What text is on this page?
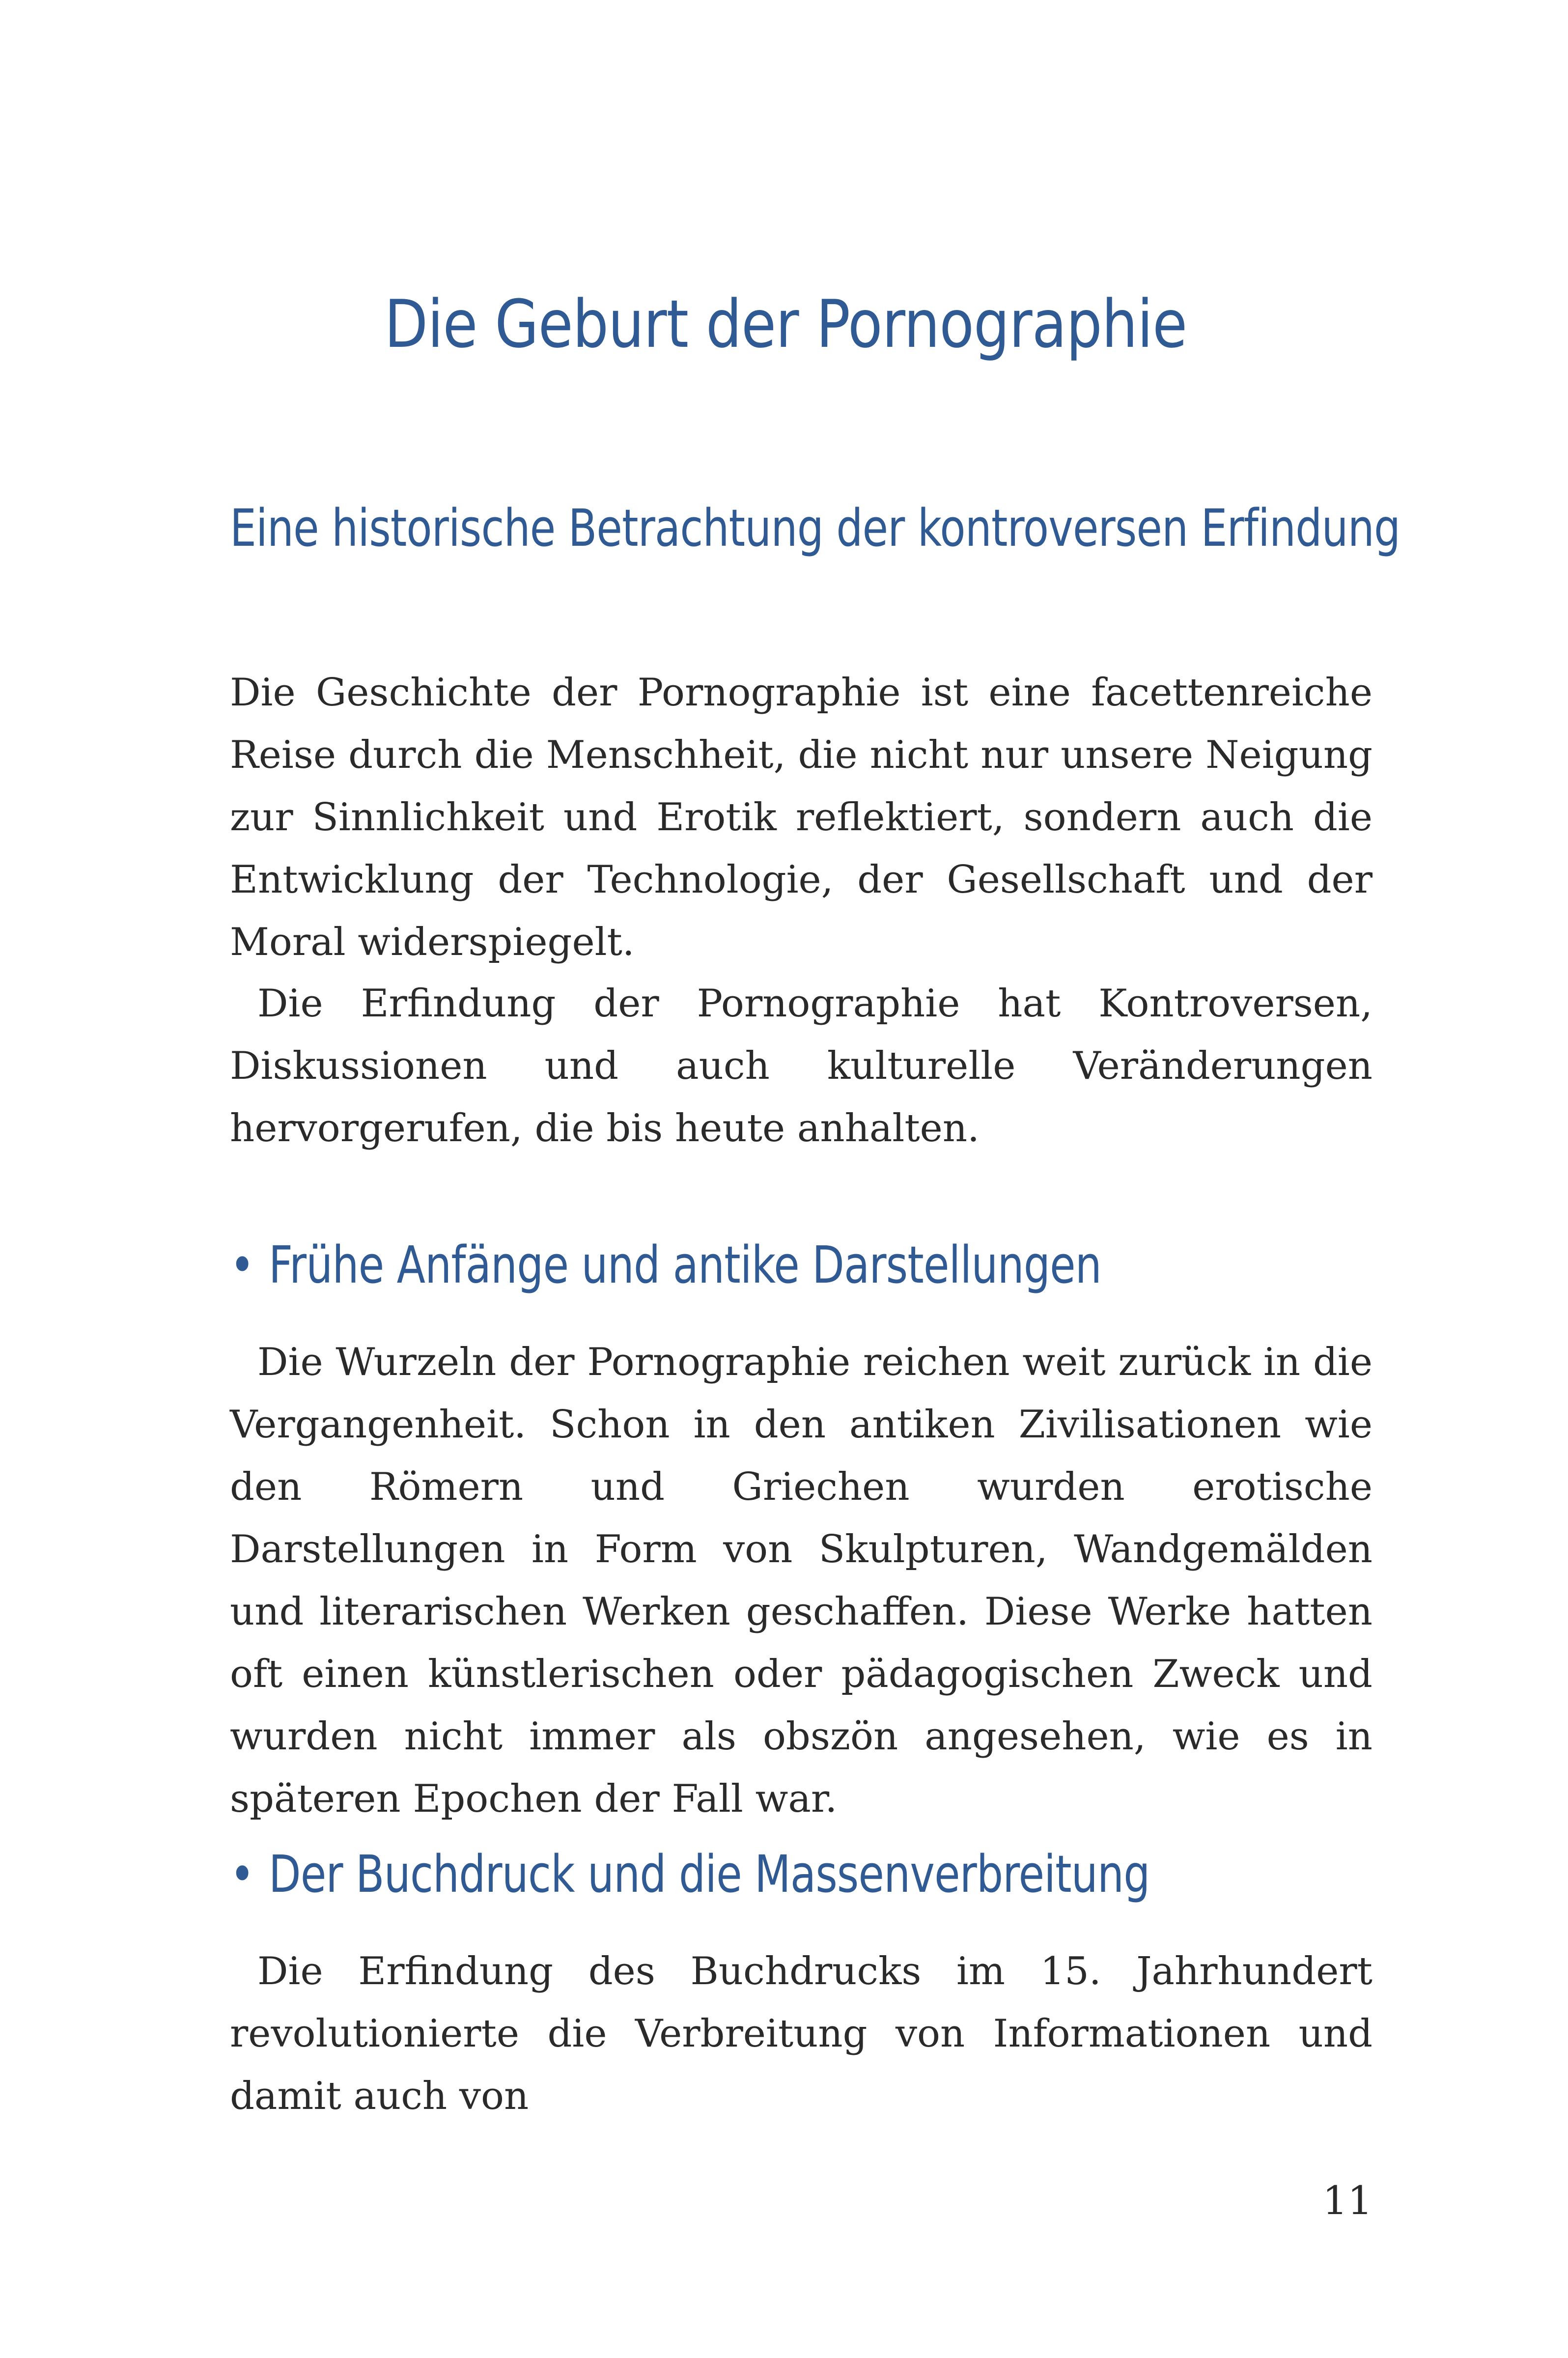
Die Geburt der Pornographie
Eine historische Betrachtung der kontroversen Erfindung

Die Geschichte der Pornographie ist eine facettenreiche Reise durch die Menschheit, die nicht nur unsere Neigung zur Sinnlichkeit und Erotik reflektiert, sondern auch die Entwicklung der Technologie, der Gesellschaft und der Moral widerspiegelt.

Die Erfindung der Pornographie hat Kontroversen, Diskussionen und auch kulturelle Veränderungen hervorgerufen, die bis heute anhalten.

• Frühe Anfänge und antike Darstellungen

Die Wurzeln der Pornographie reichen weit zurück in die Vergangenheit. Schon in den antiken Zivilisationen wie den Römern und Griechen wurden erotische Darstellungen in Form von Skulpturen, Wandgemälden und literarischen Werken geschaffen. Diese Werke hatten oft einen künstlerischen oder pädagogischen Zweck und wurden nicht immer als obszön angesehen, wie es in späteren Epochen der Fall war.

• Der Buchdruck und die Massenverbreitung

Die Erfindung des Buchdrucks im 15. Jahrhundert revolutionierte die Verbreitung von Informationen und damit auch von

11
